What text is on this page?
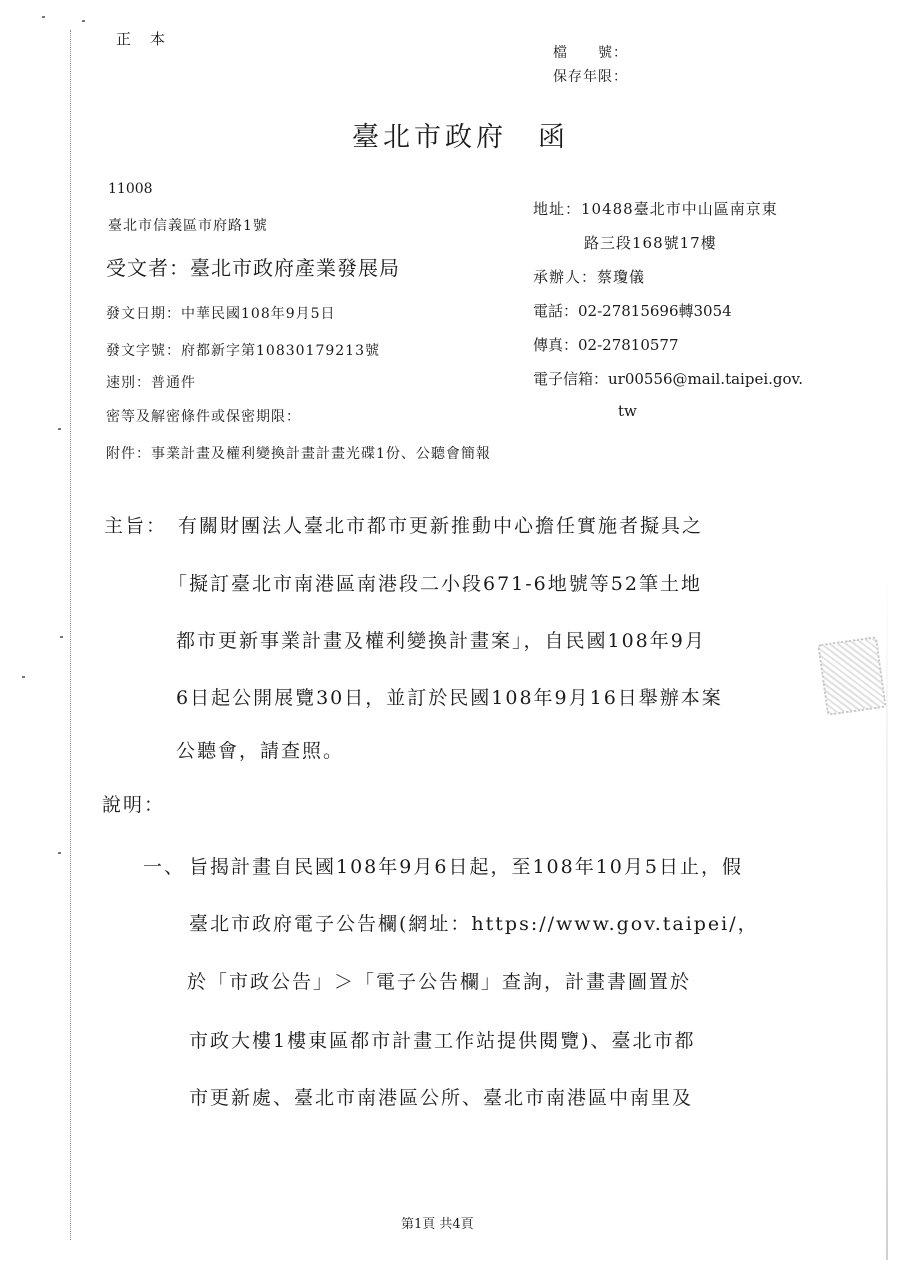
正　本
檔　　號：
保存年限：
臺北市政府　函
11008
臺北市信義區市府路1號
受文者：臺北市政府產業發展局
發文日期：中華民國108年9月5日
發文字號：府都新字第10830179213號
速別：普通件
密等及解密條件或保密期限：
附件：事業計畫及權利變換計畫計畫光碟1份、公聽會簡報
地址：10488臺北市中山區南京東
路三段168號17樓
承辦人：蔡瓊儀
電話：02-27815696轉3054
傳真：02-27810577
電子信箱：ur00556@mail.taipei.gov.
tw
主旨： 有關財團法人臺北市都市更新推動中心擔任實施者擬具之
「擬訂臺北市南港區南港段二小段671-6地號等52筆土地
都市更新事業計畫及權利變換計畫案」，自民國108年9月
6日起公開展覽30日，並訂於民國108年9月16日舉辦本案
公聽會，請查照。
說明：
一、 旨揭計畫自民國108年9月6日起，至108年10月5日止，假
臺北市政府電子公告欄(網址：https://www.gov.taipei/，
於「市政公告」＞「電子公告欄」查詢，計畫書圖置於
市政大樓1樓東區都市計畫工作站提供閱覽)、臺北市都
市更新處、臺北市南港區公所、臺北市南港區中南里及
第1頁 共4頁
